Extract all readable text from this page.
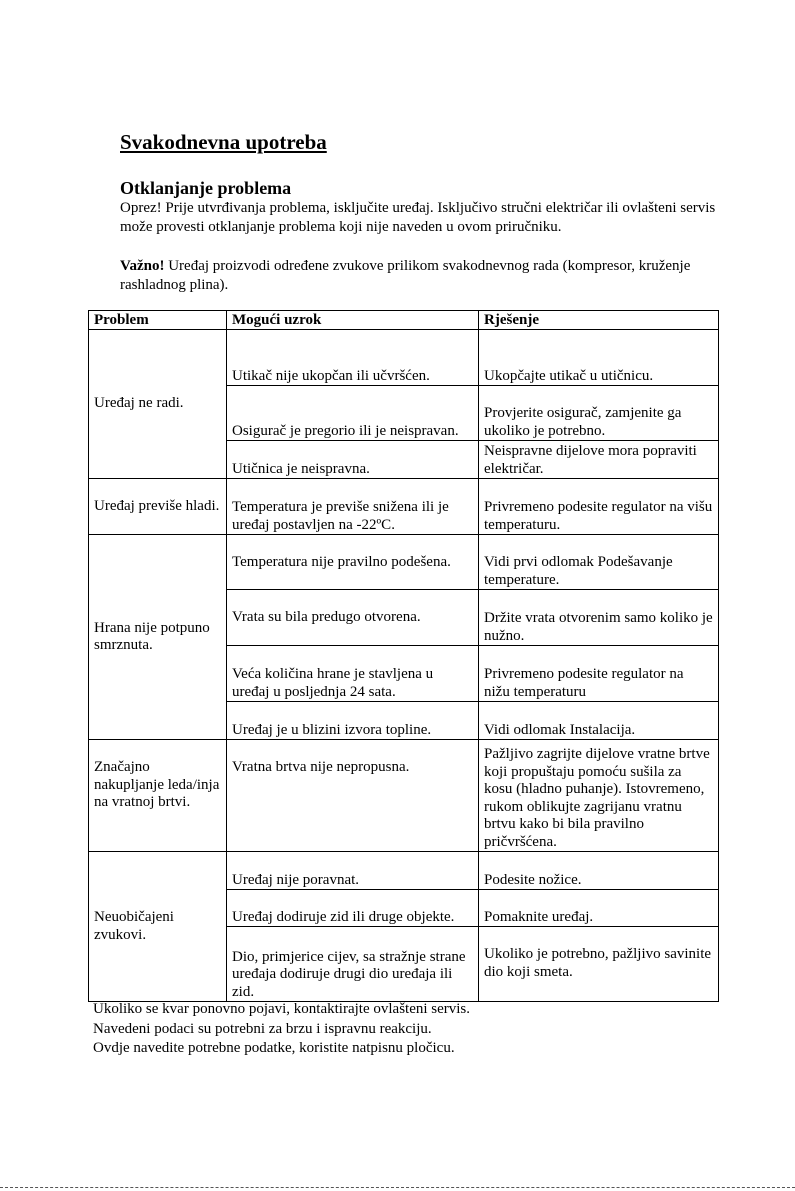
Svakodnevna upotreba
Otklanjanje problema

Oprez! Prije utvrđivanja problema, isključite uređaj. Isključivo stručni električar ili ovlašteni servis može provesti otklanjanje problema koji nije naveden u ovom priručniku.

Važno! Uređaj proizvodi određene zvukove prilikom svakodnevnog rada (kompresor, kruženje rashladnog plina).

Problem	Mogući uzrok	Rješenje
Uređaj ne radi.	Utikač nije ukopčan ili učvršćen.	Ukopčajte utikač u utičnicu.
	Osigurač je pregorio ili je neispravan.	Provjerite osigurač, zamjenite ga ukoliko je potrebno.
	Utičnica je neispravna.	Neispravne dijelove mora popraviti električar.
Uređaj previše hladi.	Temperatura je previše snižena ili je uređaj postavljen na -22ºC.	Privremeno podesite regulator na višu temperaturu.
Hrana nije potpuno smrznuta.	Temperatura nije pravilno podešena.	Vidi prvi odlomak Podešavanje temperature.
	Vrata su bila predugo otvorena.	Držite vrata otvorenim samo koliko je nužno.
	Veća količina hrane je stavljena u uređaj u posljednja 24 sata.	Privremeno podesite regulator na nižu temperaturu
	Uređaj je u blizini izvora topline.	Vidi odlomak Instalacija.
Značajno nakupljanje leda/inja na vratnoj brtvi.	Vratna brtva nije nepropusna.	Pažljivo zagrijte dijelove vratne brtve koji propuštaju pomoću sušila za kosu (hladno puhanje). Istovremeno, rukom oblikujte zagrijanu vratnu brtvu kako bi bila pravilno pričvršćena.
Neuobičajeni zvukovi.	Uređaj nije poravnat.	Podesite nožice.
	Uređaj dodiruje zid ili druge objekte.	Pomaknite uređaj.
	Dio, primjerice cijev, sa stražnje strane uređaja dodiruje drugi dio uređaja ili zid.	Ukoliko je potrebno, pažljivo savinite dio koji smeta.
Ukoliko se kvar ponovno pojavi, kontaktirajte ovlašteni servis.
Navedeni podaci su potrebni za brzu i ispravnu reakciju.
Ovdje navedite potrebne podatke, koristite natpisnu pločicu.
